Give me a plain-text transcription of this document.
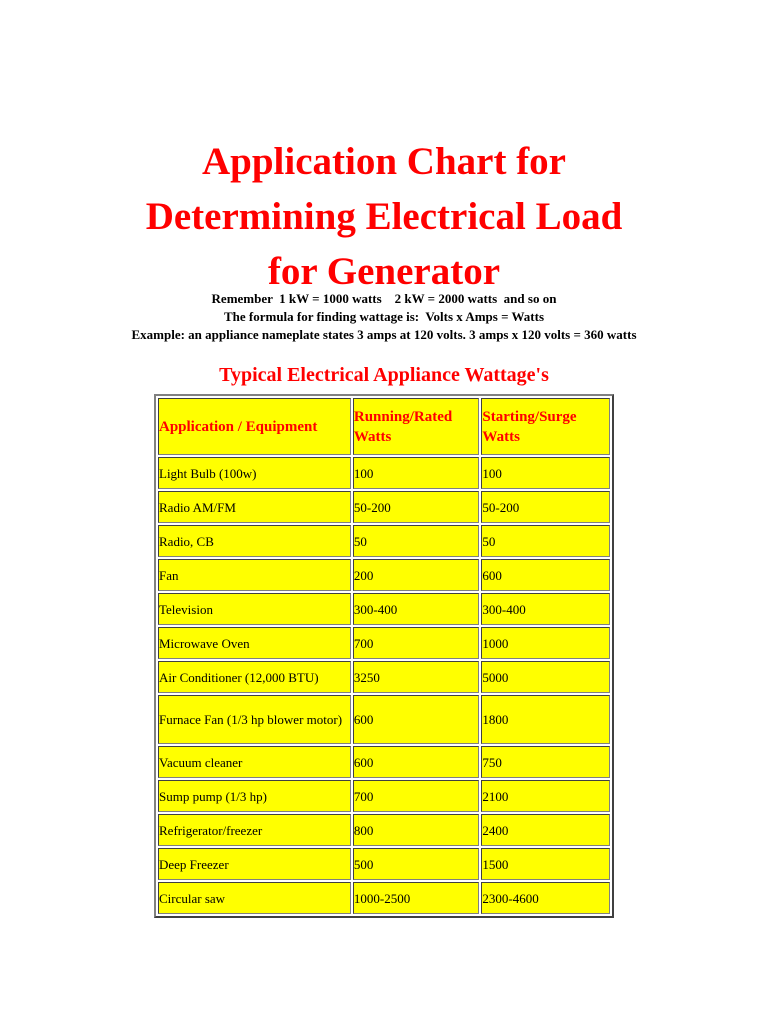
Application Chart for
Determining Electrical Load
for Generator
Remember  1 kW = 1000 watts    2 kW = 2000 watts  and so on
The formula for finding wattage is:  Volts x Amps = Watts
Example: an appliance nameplate states 3 amps at 120 volts. 3 amps x 120 volts = 360 watts
Typical Electrical Appliance Wattage's
Application / Equipment	Running/Rated Watts	Starting/Surge Watts
Light Bulb (100w)	100	100
Radio AM/FM	50-200	50-200
Radio, CB	50	50
Fan	200	600
Television	300-400	300-400
Microwave Oven	700	1000
Air Conditioner (12,000 BTU)	3250	5000
Furnace Fan (1/3 hp blower motor)	600	1800
Vacuum cleaner	600	750
Sump pump (1/3 hp)	700	2100
Refrigerator/freezer	800	2400
Deep Freezer	500	1500
Circular saw	1000-2500	2300-4600
